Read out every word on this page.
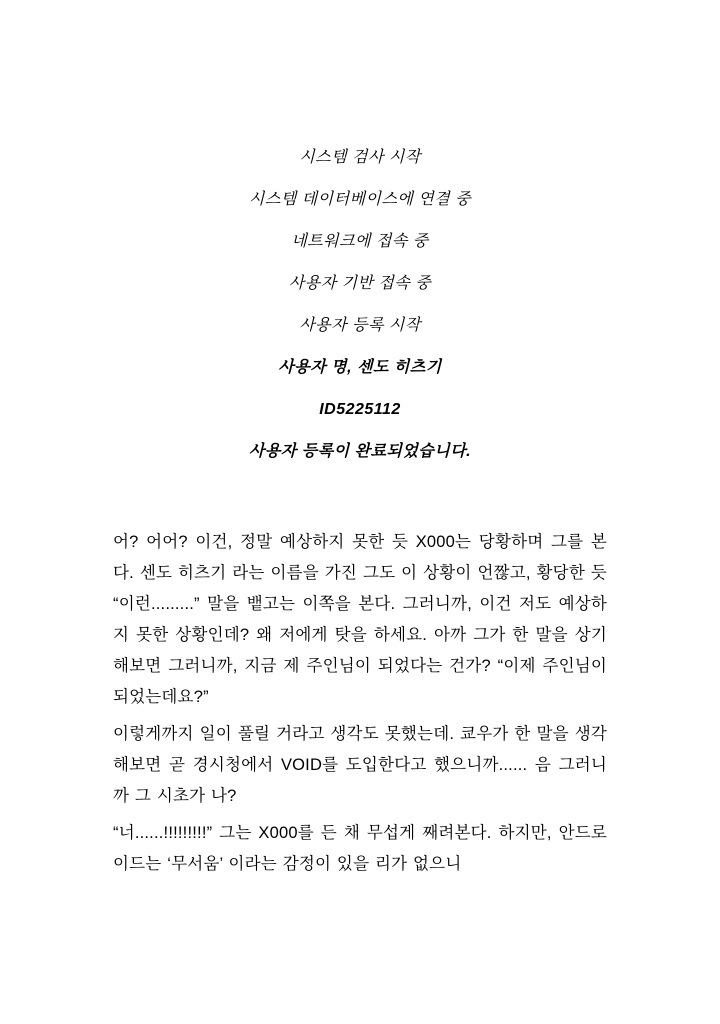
시스템 검사 시작

시스템 데이터베이스에 연결 중

네트워크에 접속 중

사용자 기반 접속 중

사용자 등록 시작

사용자 명, 센도 히츠기

ID5225112

사용자 등록이 완료되었습니다.

어? 어어? 이건, 정말 예상하지 못한 듯 X000는 당황하며 그를 본다. 센도 히츠기 라는 이름을 가진 그도 이 상황이 언짢고, 황당한 듯 “이런.........” 말을 뱉고는 이쪽을 본다. 그러니까, 이건 저도 예상하지 못한 상황인데? 왜 저에게 탓을 하세요. 아까 그가 한 말을 상기해보면 그러니까, 지금 제 주인님이 되었다는 건가? “이제 주인님이 되었는데요?”

이렇게까지 일이 풀릴 거라고 생각도 못했는데. 쿄우가 한 말을 생각해보면 곧 경시청에서 VOID를 도입한다고 했으니까...... 음 그러니까 그 시초가 나?

“너......!!!!!!!!!” 그는 X000를 든 채 무섭게 째려본다. 하지만, 안드로이드는 ‘무서움’ 이라는 감정이 있을 리가 없으니
